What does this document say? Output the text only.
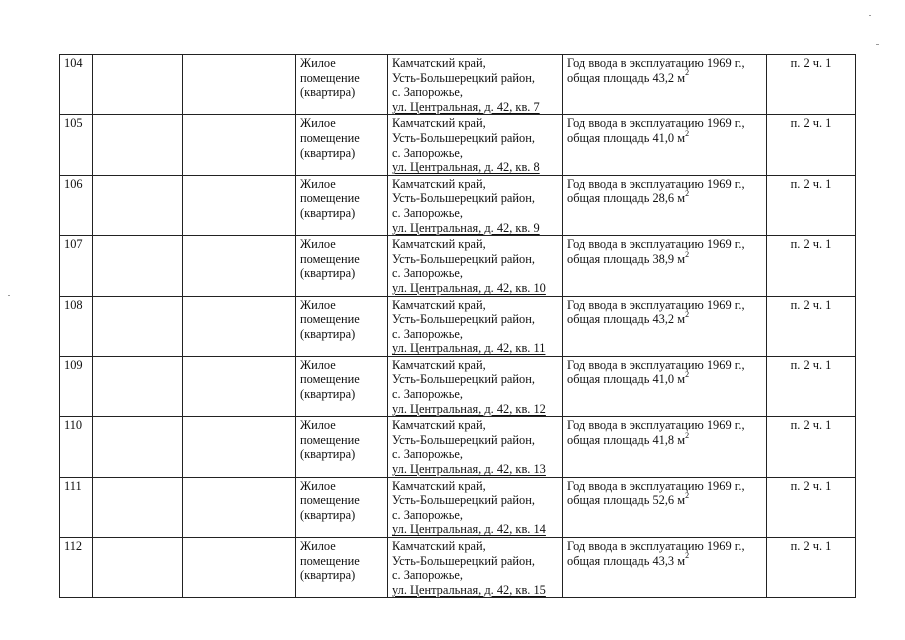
104			Жилое
помещение
(квартира)	Камчатский край,
Усть-Большерецкий район,
с. Запорожье,
ул. Центральная, д. 42, кв. 7	Год ввода в эксплуатацию 1969 г.,
общая площадь 43,2 $м^2$	п. 2 ч. 1
105			Жилое
помещение
(квартира)	Камчатский край,
Усть-Большерецкий район,
с. Запорожье,
ул. Центральная, д. 42, кв. 8	Год ввода в эксплуатацию 1969 г.,
общая площадь 41,0 $м^2$	п. 2 ч. 1
106			Жилое
помещение
(квартира)	Камчатский край,
Усть-Большерецкий район,
с. Запорожье,
ул. Центральная, д. 42, кв. 9	Год ввода в эксплуатацию 1969 г.,
общая площадь 28,6 $м^2$	п. 2 ч. 1
107			Жилое
помещение
(квартира)	Камчатский край,
Усть-Большерецкий район,
с. Запорожье,
ул. Центральная, д. 42, кв. 10	Год ввода в эксплуатацию 1969 г.,
общая площадь 38,9 $м^2$	п. 2 ч. 1
108			Жилое
помещение
(квартира)	Камчатский край,
Усть-Большерецкий район,
с. Запорожье,
ул. Центральная, д. 42, кв. 11	Год ввода в эксплуатацию 1969 г.,
общая площадь 43,2 $м^2$	п. 2 ч. 1
109			Жилое
помещение
(квартира)	Камчатский край,
Усть-Большерецкий район,
с. Запорожье,
ул. Центральная, д. 42, кв. 12	Год ввода в эксплуатацию 1969 г.,
общая площадь 41,0 $м^2$	п. 2 ч. 1
110			Жилое
помещение
(квартира)	Камчатский край,
Усть-Большерецкий район,
с. Запорожье,
ул. Центральная, д. 42, кв. 13	Год ввода в эксплуатацию 1969 г.,
общая площадь 41,8 $м^2$	п. 2 ч. 1
111			Жилое
помещение
(квартира)	Камчатский край,
Усть-Большерецкий район,
с. Запорожье,
ул. Центральная, д. 42, кв. 14	Год ввода в эксплуатацию 1969 г.,
общая площадь 52,6 $м^2$	п. 2 ч. 1
112			Жилое
помещение
(квартира)	Камчатский край,
Усть-Большерецкий район,
с. Запорожье,
ул. Центральная, д. 42, кв. 15	Год ввода в эксплуатацию 1969 г.,
общая площадь 43,3 $м^2$	п. 2 ч. 1
